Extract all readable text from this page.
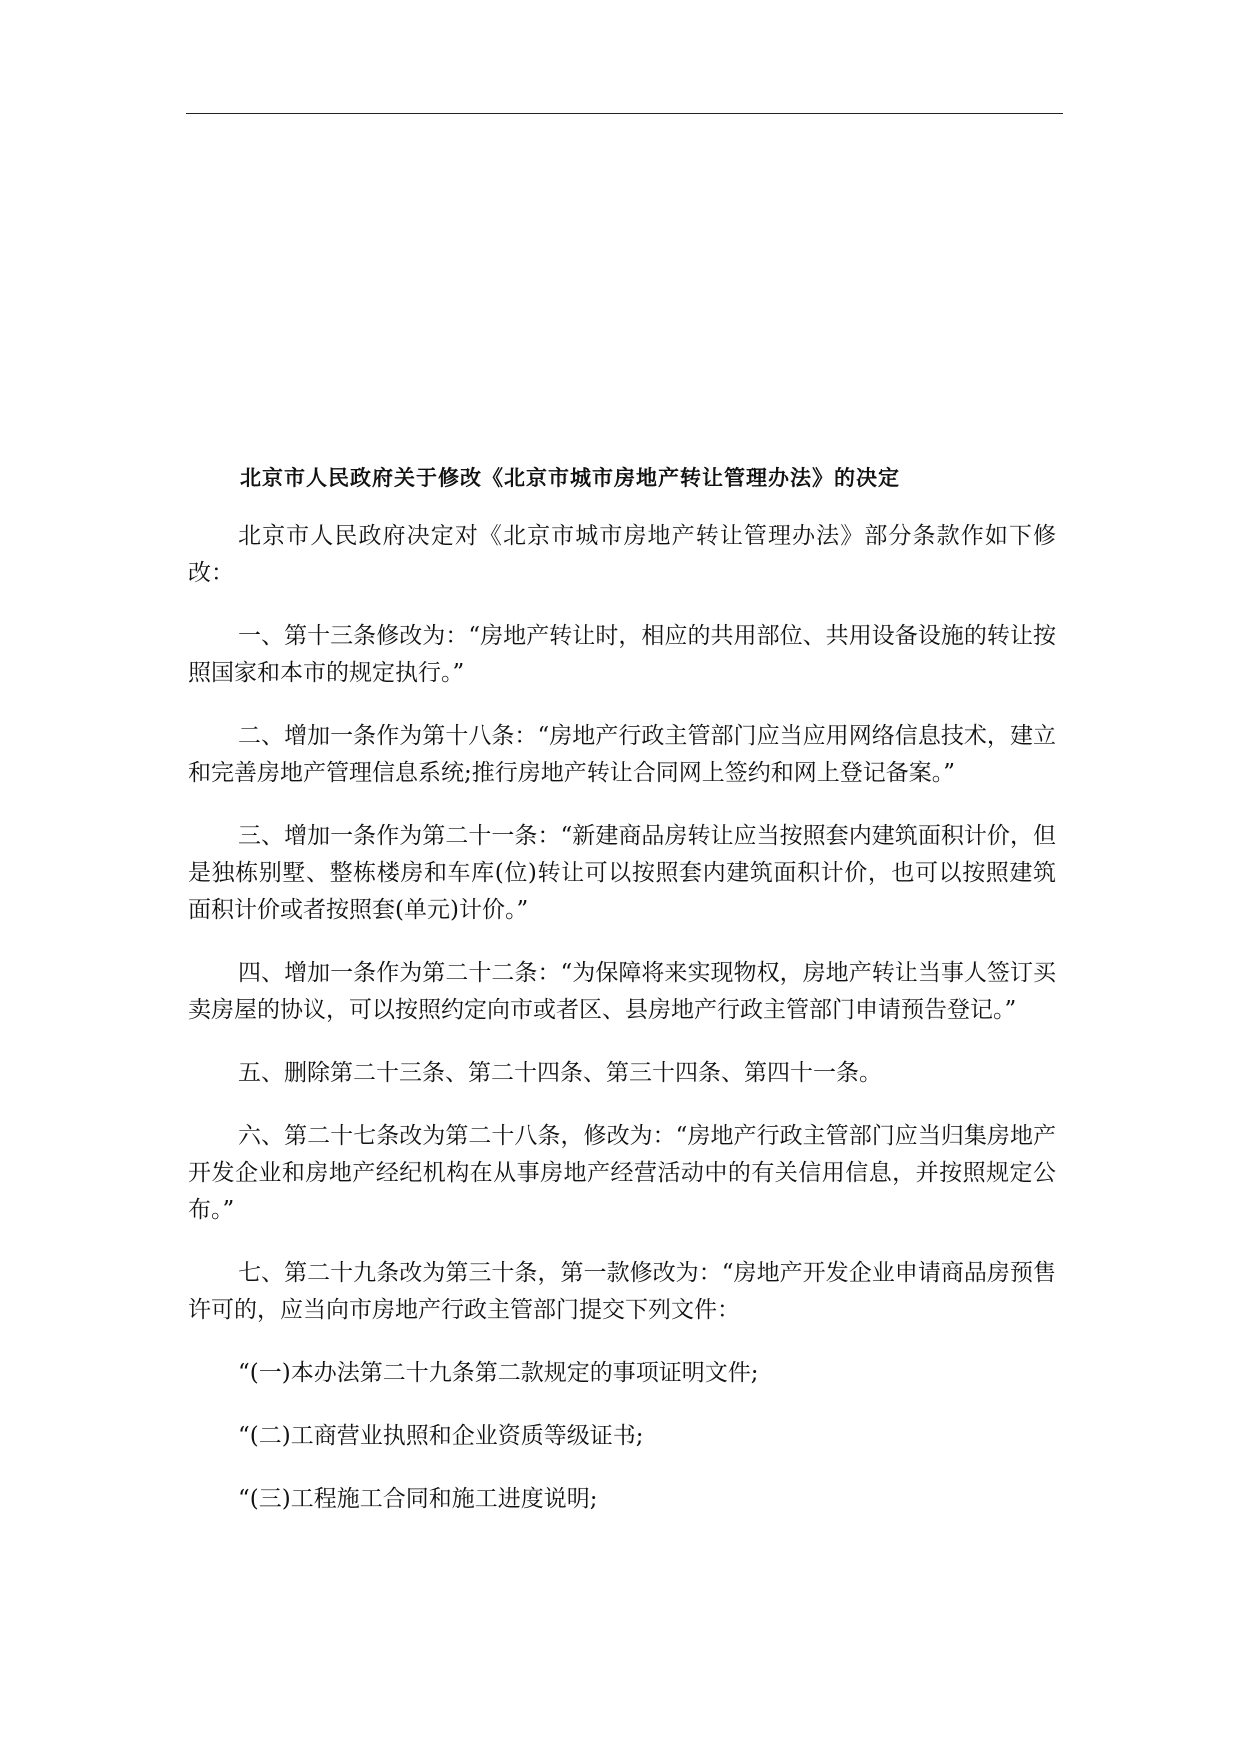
北京市人民政府关于修改《北京市城市房地产转让管理办法》的决定

北京市人民政府决定对《北京市城市房地产转让管理办法》部分条款作如下修改：

一、第十三条修改为：“房地产转让时，相应的共用部位、共用设备设施的转让按照国家和本市的规定执行。”

二、增加一条作为第十八条：“房地产行政主管部门应当应用网络信息技术，建立和完善房地产管理信息系统;推行房地产转让合同网上签约和网上登记备案。”

三、增加一条作为第二十一条：“新建商品房转让应当按照套内建筑面积计价，但是独栋别墅、整栋楼房和车库(位)转让可以按照套内建筑面积计价，也可以按照建筑面积计价或者按照套(单元)计价。”

四、增加一条作为第二十二条：“为保障将来实现物权，房地产转让当事人签订买卖房屋的协议，可以按照约定向市或者区、县房地产行政主管部门申请预告登记。”

五、删除第二十三条、第二十四条、第三十四条、第四十一条。

六、第二十七条改为第二十八条，修改为：“房地产行政主管部门应当归集房地产开发企业和房地产经纪机构在从事房地产经营活动中的有关信用信息，并按照规定公布。”

七、第二十九条改为第三十条，第一款修改为：“房地产开发企业申请商品房预售许可的，应当向市房地产行政主管部门提交下列文件：

“(一)本办法第二十九条第二款规定的事项证明文件;

“(二)工商营业执照和企业资质等级证书;

“(三)工程施工合同和施工进度说明;
